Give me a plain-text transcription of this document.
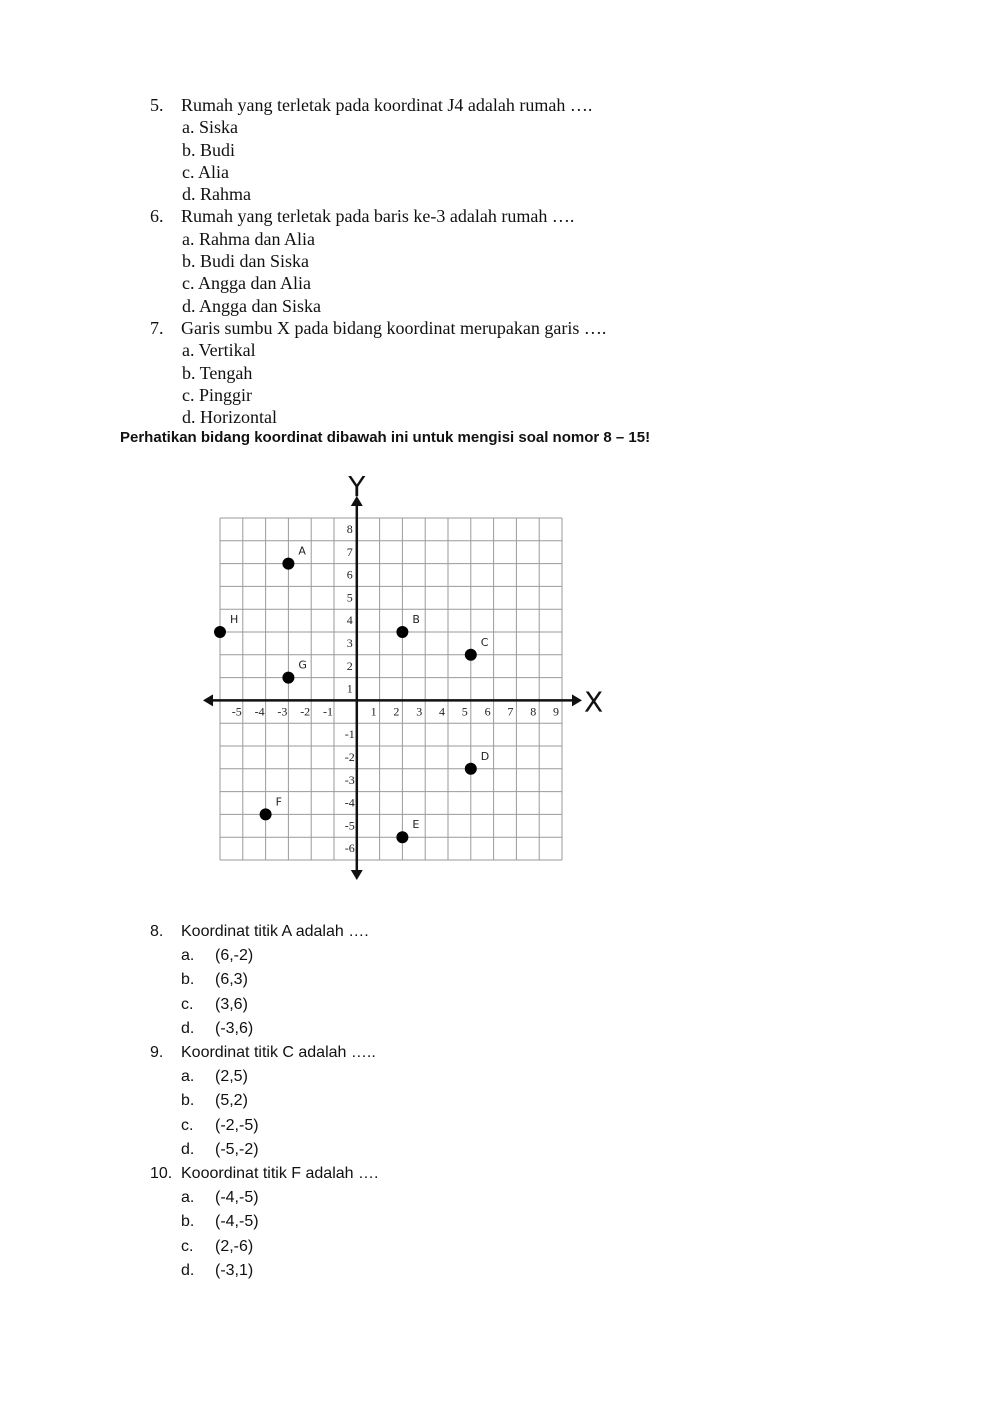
5. Rumah yang terletak pada koordinat J4 adalah rumah ….
a. Siska
b. Budi
c. Alia
d. Rahma
6. Rumah yang terletak pada baris ke-3 adalah rumah ….
a. Rahma dan Alia
b. Budi dan Siska
c. Angga dan Alia
d. Angga dan Siska
7. Garis sumbu X pada bidang koordinat merupakan garis ….
a. Vertikal
b. Tengah
c. Pinggir
d. Horizontal
Perhatikan bidang koordinat dibawah ini untuk mengisi soal nomor 8 – 15!
X
Y
-5 -4 -3 -2 -1	1 2 3 4 5 6 7 8 9
8
7
6
5
4
3
2
1
-1
-2
-3
-4
-5
-6
A
B
C
D
E
F
G
H
8.	Koordinat titik A adalah ….
a.	(6,-2)
b.	(6,3)
c.	(3,6)
d.	(-3,6)
9.	Koordinat titik C adalah …..
a.	(2,5)
b.	(5,2)
c.	(-2,-5)
d.	(-5,-2)
10. Kooordinat titik F adalah ….
a.	(-4,-5)
b.	(-4,-5)
c.	(2,-6)
d.	(-3,1)
